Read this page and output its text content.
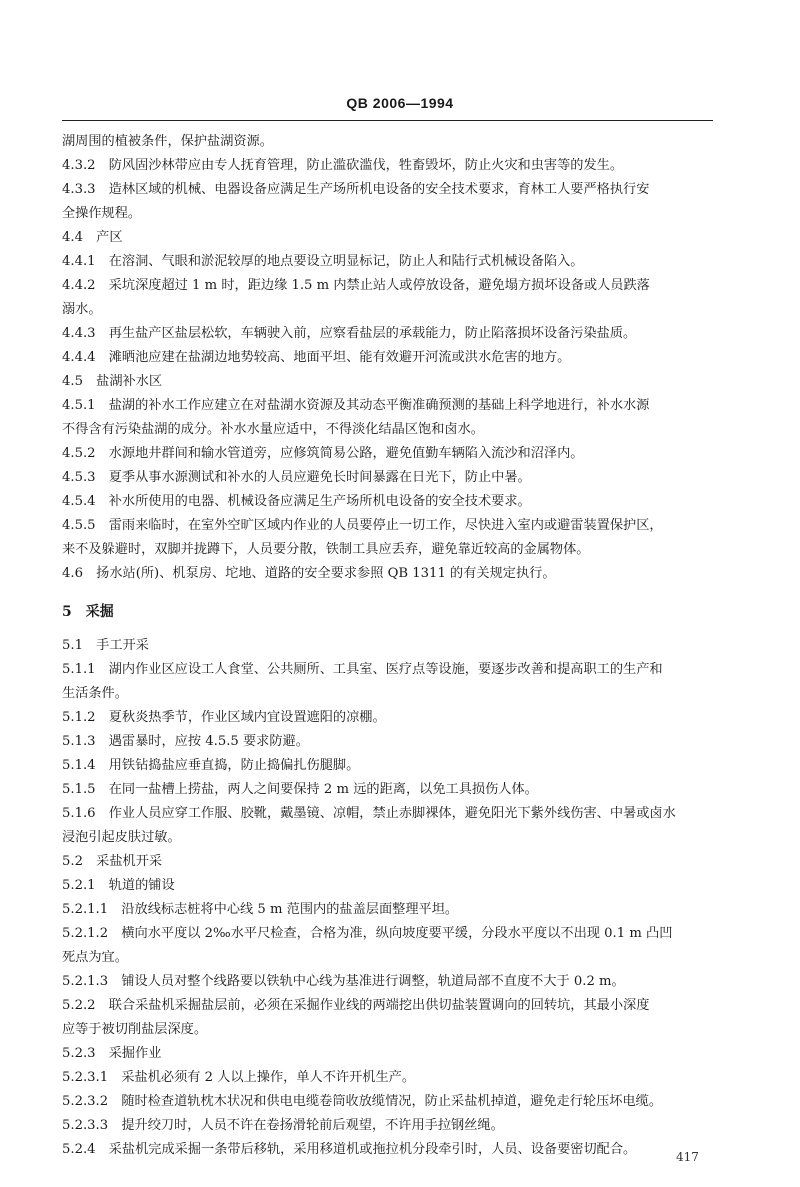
QB 2006—1994
湖周围的植被条件，保护盐湖资源。
4.3.2　防风固沙林带应由专人抚育管理，防止滥砍滥伐，牲畜毁坏，防止火灾和虫害等的发生。
4.3.3　造林区域的机械、电器设备应满足生产场所机电设备的安全技术要求，育林工人要严格执行安
全操作规程。
4.4　产区
4.4.1　在溶洞、气眼和淤泥较厚的地点要设立明显标记，防止人和陆行式机械设备陷入。
4.4.2　采坑深度超过 1 m 时，距边缘 1.5 m 内禁止站人或停放设备，避免塌方损坏设备或人员跌落
溺水。
4.4.3　再生盐产区盐层松软，车辆驶入前，应察看盐层的承载能力，防止陷落损坏设备污染盐质。
4.4.4　滩晒池应建在盐湖边地势较高、地面平坦、能有效避开河流或洪水危害的地方。
4.5　盐湖补水区
4.5.1　盐湖的补水工作应建立在对盐湖水资源及其动态平衡准确预测的基础上科学地进行，补水水源
不得含有污染盐湖的成分。补水水量应适中，不得淡化结晶区饱和卤水。
4.5.2　水源地井群间和输水管道旁，应修筑简易公路，避免值勤车辆陷入流沙和沼泽内。
4.5.3　夏季从事水源测试和补水的人员应避免长时间暴露在日光下，防止中暑。
4.5.4　补水所使用的电器、机械设备应满足生产场所机电设备的安全技术要求。
4.5.5　雷雨来临时，在室外空旷区域内作业的人员要停止一切工作，尽快进入室内或避雷装置保护区，
来不及躲避时，双脚并拢蹲下，人员要分散，铁制工具应丢弃，避免靠近较高的金属物体。
4.6　扬水站(所)、机泵房、坨地、道路的安全要求参照 QB 1311 的有关规定执行。
5　采掘
5.1　手工开采
5.1.1　湖内作业区应设工人食堂、公共厕所、工具室、医疗点等设施，要逐步改善和提高职工的生产和
生活条件。
5.1.2　夏秋炎热季节，作业区域内宜设置遮阳的凉棚。
5.1.3　遇雷暴时，应按 4.5.5 要求防避。
5.1.4　用铁钻捣盐应垂直捣，防止捣偏扎伤腿脚。
5.1.5　在同一盐槽上捞盐，两人之间要保持 2 m 远的距离，以免工具损伤人体。
5.1.6　作业人员应穿工作服、胶靴，戴墨镜、凉帽，禁止赤脚裸体，避免阳光下紫外线伤害、中暑或卤水
浸泡引起皮肤过敏。
5.2　采盐机开采
5.2.1　轨道的铺设
5.2.1.1　沿放线标志桩将中心线 5 m 范围内的盐盖层面整理平坦。
5.2.1.2　横向水平度以 2‰水平尺检查，合格为准，纵向坡度要平缓，分段水平度以不出现 0.1 m 凸凹
死点为宜。
5.2.1.3　铺设人员对整个线路要以铁轨中心线为基准进行调整，轨道局部不直度不大于 0.2 m。
5.2.2　联合采盐机采掘盐层前，必须在采掘作业线的两端挖出供切盐装置调向的回转坑，其最小深度
应等于被切削盐层深度。
5.2.3　采掘作业
5.2.3.1　采盐机必须有 2 人以上操作，单人不许开机生产。
5.2.3.2　随时检查道轨枕木状况和供电电缆卷筒收放缆情况，防止采盐机掉道，避免走行轮压坏电缆。
5.2.3.3　提升绞刀时，人员不许在卷扬滑轮前后观望，不许用手拉钢丝绳。
5.2.4　采盐机完成采掘一条带后移轨，采用移道机或拖拉机分段牵引时，人员、设备要密切配合。	417
